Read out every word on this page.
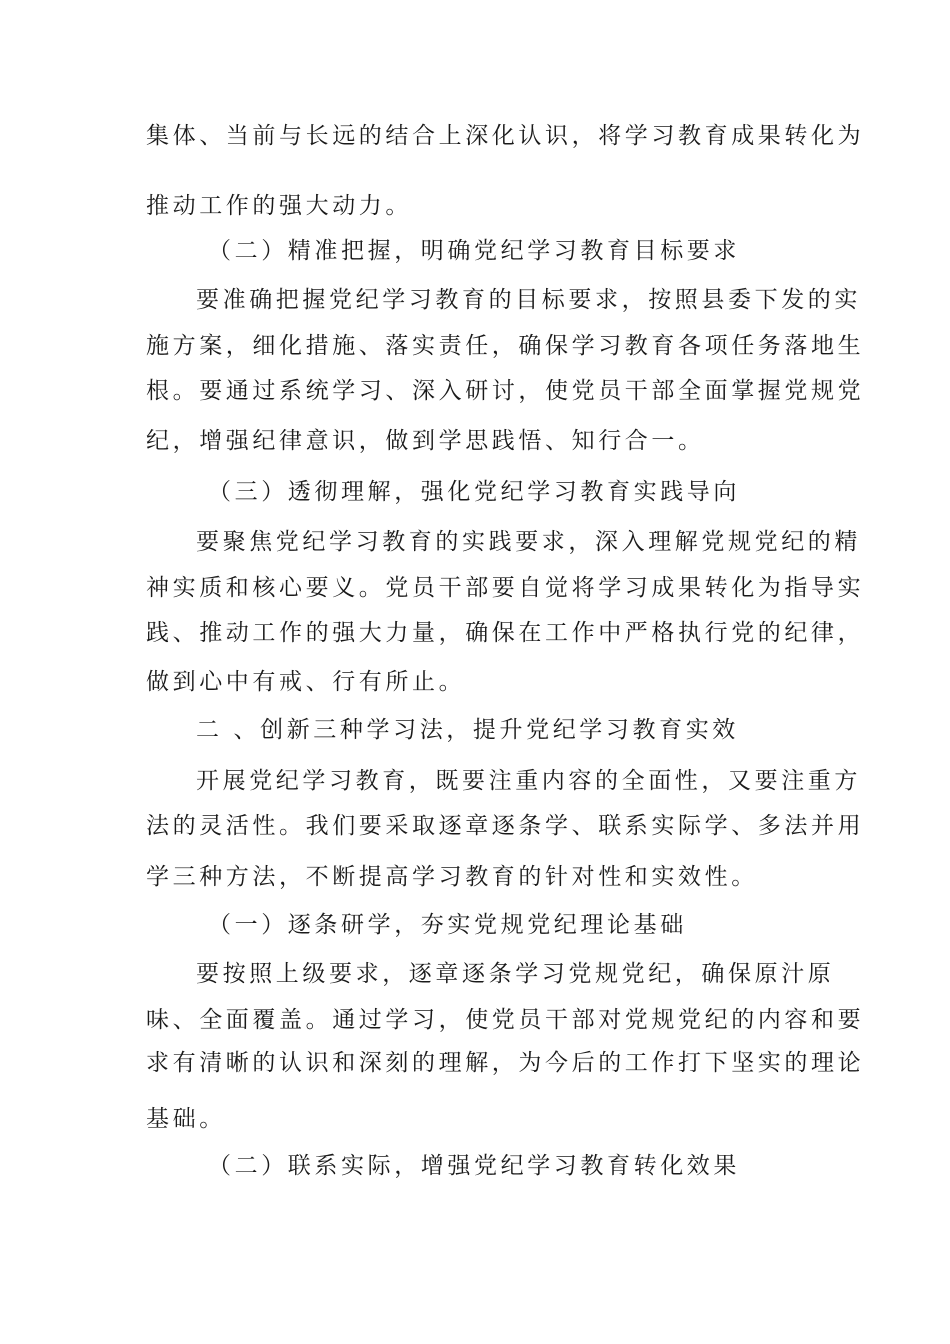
集体、当前与长远的结合上深化认识，将学习教育成果转化为
推动工作的强大动力。
（二）精准把握，明确党纪学习教育目标要求
要准确把握党纪学习教育的目标要求，按照县委下发的实
施方案，细化措施、落实责任，确保学习教育各项任务落地生
根。要通过系统学习、深入研讨，使党员干部全面掌握党规党
纪，增强纪律意识，做到学思践悟、知行合一。
（三）透彻理解，强化党纪学习教育实践导向
要聚焦党纪学习教育的实践要求，深入理解党规党纪的精
神实质和核心要义。党员干部要自觉将学习成果转化为指导实
践、推动工作的强大力量，确保在工作中严格执行党的纪律，
做到心中有戒、行有所止。
二 、创新三种学习法，提升党纪学习教育实效
开展党纪学习教育，既要注重内容的全面性，又要注重方
法的灵活性。我们要采取逐章逐条学、联系实际学、多法并用
学三种方法，不断提高学习教育的针对性和实效性。
（一）逐条研学，夯实党规党纪理论基础
要按照上级要求，逐章逐条学习党规党纪，确保原汁原
味、全面覆盖。通过学习，使党员干部对党规党纪的内容和要
求有清晰的认识和深刻的理解，为今后的工作打下坚实的理论
基础。
（二）联系实际，增强党纪学习教育转化效果
